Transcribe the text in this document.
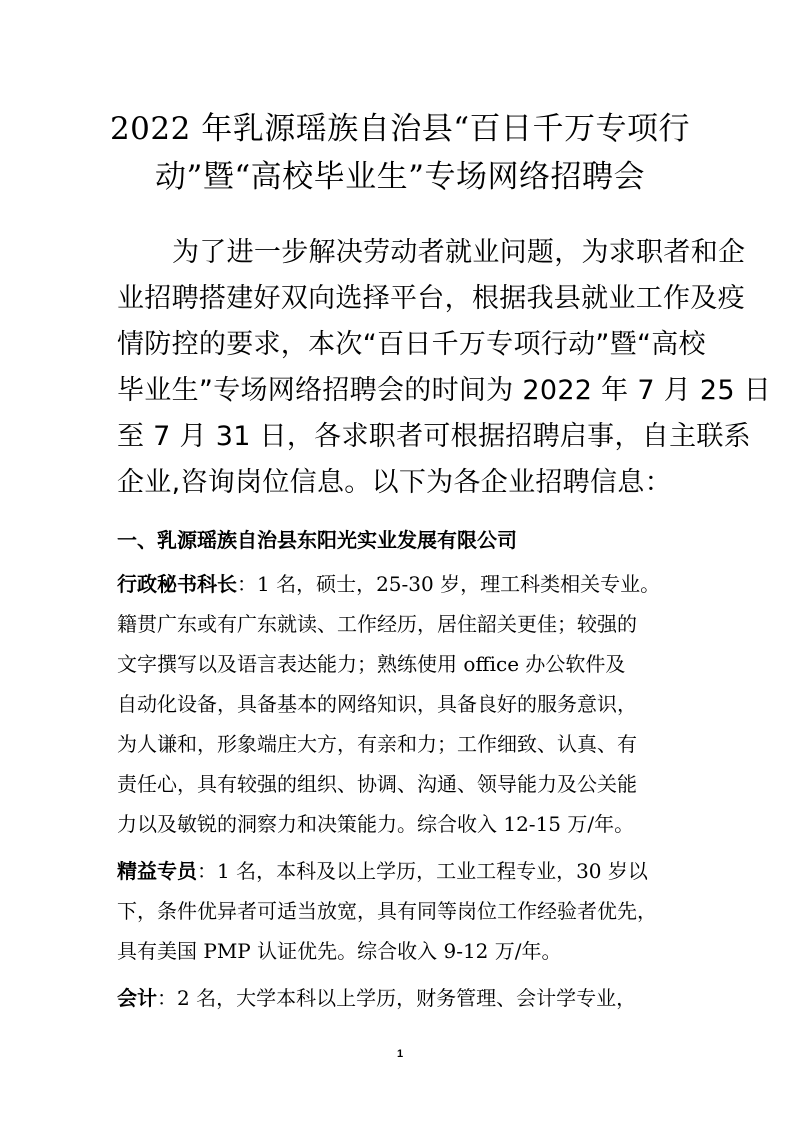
2022 年乳源瑶族自治县“百日千万专项行
动”暨“高校毕业生”专场网络招聘会
为了进一步解决劳动者就业问题，为求职者和企
业招聘搭建好双向选择平台，根据我县就业工作及疫
情防控的要求，本次“百日千万专项行动”暨“高校
毕业生”专场网络招聘会的时间为 2022 年 7 月 25 日
至 7 月 31 日，各求职者可根据招聘启事，自主联系
企业,咨询岗位信息。以下为各企业招聘信息：
一、乳源瑶族自治县东阳光实业发展有限公司
行政秘书科长：1 名，硕士，25-30 岁，理工科类相关专业。
籍贯广东或有广东就读、工作经历，居住韶关更佳；较强的
文字撰写以及语言表达能力；熟练使用 office 办公软件及
自动化设备，具备基本的网络知识，具备良好的服务意识，
为人谦和，形象端庄大方，有亲和力；工作细致、认真、有
责任心，具有较强的组织、协调、沟通、领导能力及公关能
力以及敏锐的洞察力和决策能力。综合收入 12-15 万/年。
精益专员：1 名，本科及以上学历，工业工程专业，30 岁以
下，条件优异者可适当放宽，具有同等岗位工作经验者优先，
具有美国 PMP 认证优先。综合收入 9-12 万/年。
会计：2 名，大学本科以上学历，财务管理、会计学专业，
1
